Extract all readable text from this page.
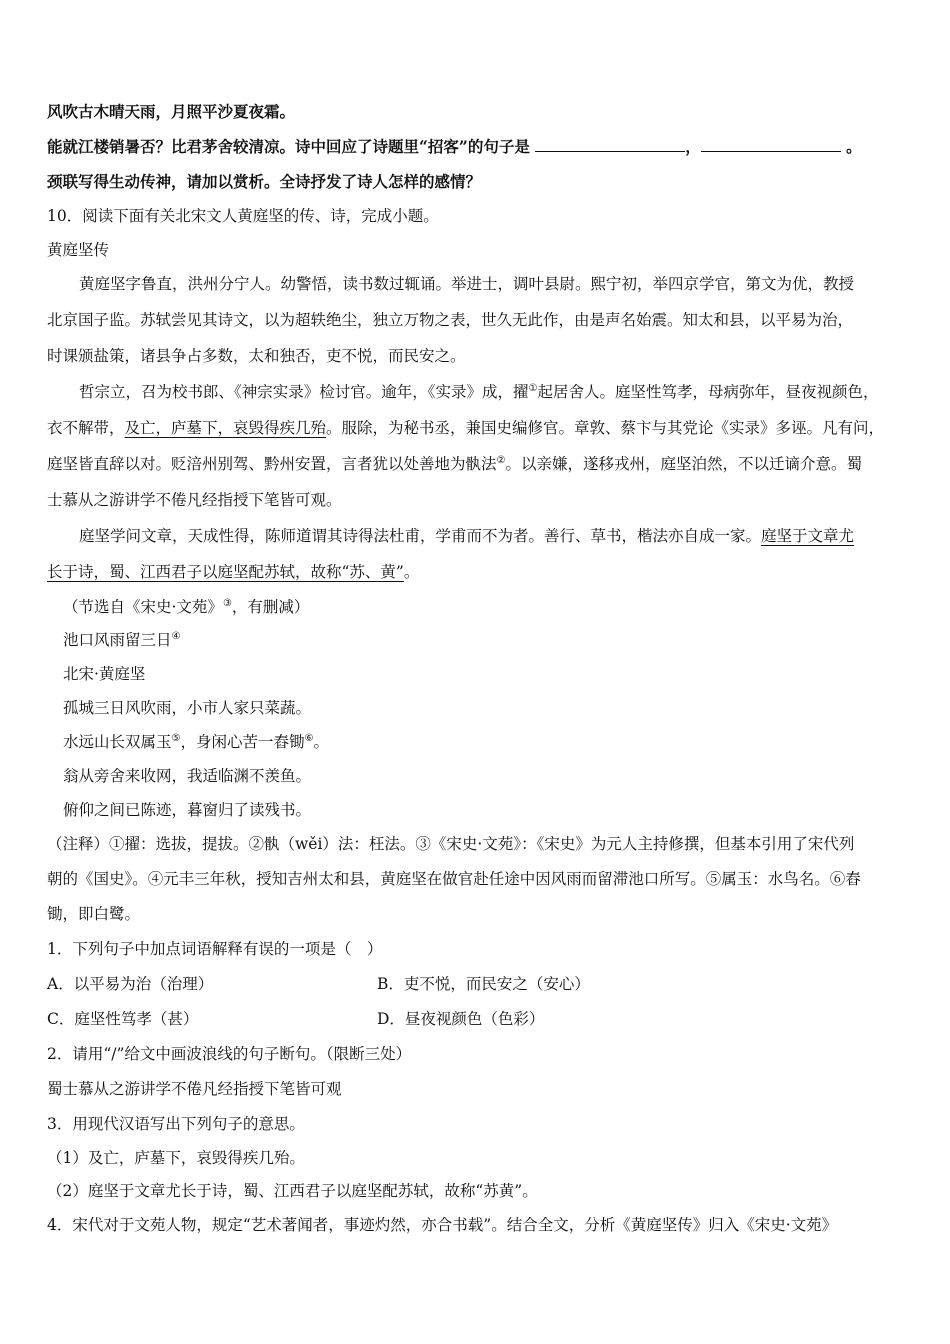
风吹古木晴天雨，月照平沙夏夜霜。
能就江楼销暑否？比君茅舍较清凉。诗中回应了诗题里“招客”的句子是	，	。
颈联写得生动传神，请加以赏析。全诗抒发了诗人怎样的感情？
10．阅读下面有关北宋文人黄庭坚的传、诗，完成小题。
黄庭坚传
黄庭坚字鲁直，洪州分宁人。幼警悟，读书数过辄诵。举进士，调叶县尉。熙宁初，举四京学官，第文为优，教授
北京国子监。苏轼尝见其诗文，以为超轶绝尘，独立万物之表，世久无此作，由是声名始震。知太和县，以平易为治，
时课颁盐策，诸县争占多数，太和独否，吏不悦，而民安之。
哲宗立，召为校书郎、《神宗实录》检讨官。逾年，《实录》成，擢①起居舍人。庭坚性笃孝，母病弥年，昼夜视颜色，
衣不解带，及亡，庐墓下，哀毁得疾几殆。服除，为秘书丞，兼国史编修官。章敦、蔡卞与其党论《实录》多诬。凡有问，
庭坚皆直辞以对。贬涪州别驾、黔州安置，言者犹以处善地为骫法②。以亲嫌，遂移戎州，庭坚泊然，不以迁谪介意。蜀
士慕从之游讲学不倦凡经指授下笔皆可观。
庭坚学问文章，天成性得，陈师道谓其诗得法杜甫，学甫而不为者。善行、草书，楷法亦自成一家。庭坚于文章尤
长于诗，蜀、江西君子以庭坚配苏轼，故称“苏、黄”。
（节选自《宋史·文苑》③，有删减）
池口风雨留三日④
北宋·黄庭坚
孤城三日风吹雨，小市人家只菜蔬。
水远山长双属玉⑤，身闲心苦一舂锄⑥。
翁从旁舍来收网，我适临渊不羡鱼。
俯仰之间已陈迹，暮窗归了读残书。
（注释）①擢：选拔，提拔。②骫（wěi）法：枉法。③《宋史·文苑》：《宋史》为元人主持修撰，但基本引用了宋代列
朝的《国史》。④元丰三年秋，授知吉州太和县，黄庭坚在做官赴任途中因风雨而留滞池口所写。⑤属玉：水鸟名。⑥舂
锄，即白鹭。
1．下列句子中加点词语解释有误的一项是（　）
A．以平易为治（治理）	B．吏不悦，而民安之（安心）
C．庭坚性笃孝（甚）	D．昼夜视颜色（色彩）
2．请用“/”给文中画波浪线的句子断句。（限断三处）
蜀士慕从之游讲学不倦凡经指授下笔皆可观
3．用现代汉语写出下列句子的意思。
（1）及亡，庐墓下，哀毁得疾几殆。
（2）庭坚于文章尤长于诗，蜀、江西君子以庭坚配苏轼，故称“苏黄”。
4．宋代对于文苑人物，规定“艺术著闻者，事迹灼然，亦合书载”。结合全文，分析《黄庭坚传》归入《宋史·文苑》
